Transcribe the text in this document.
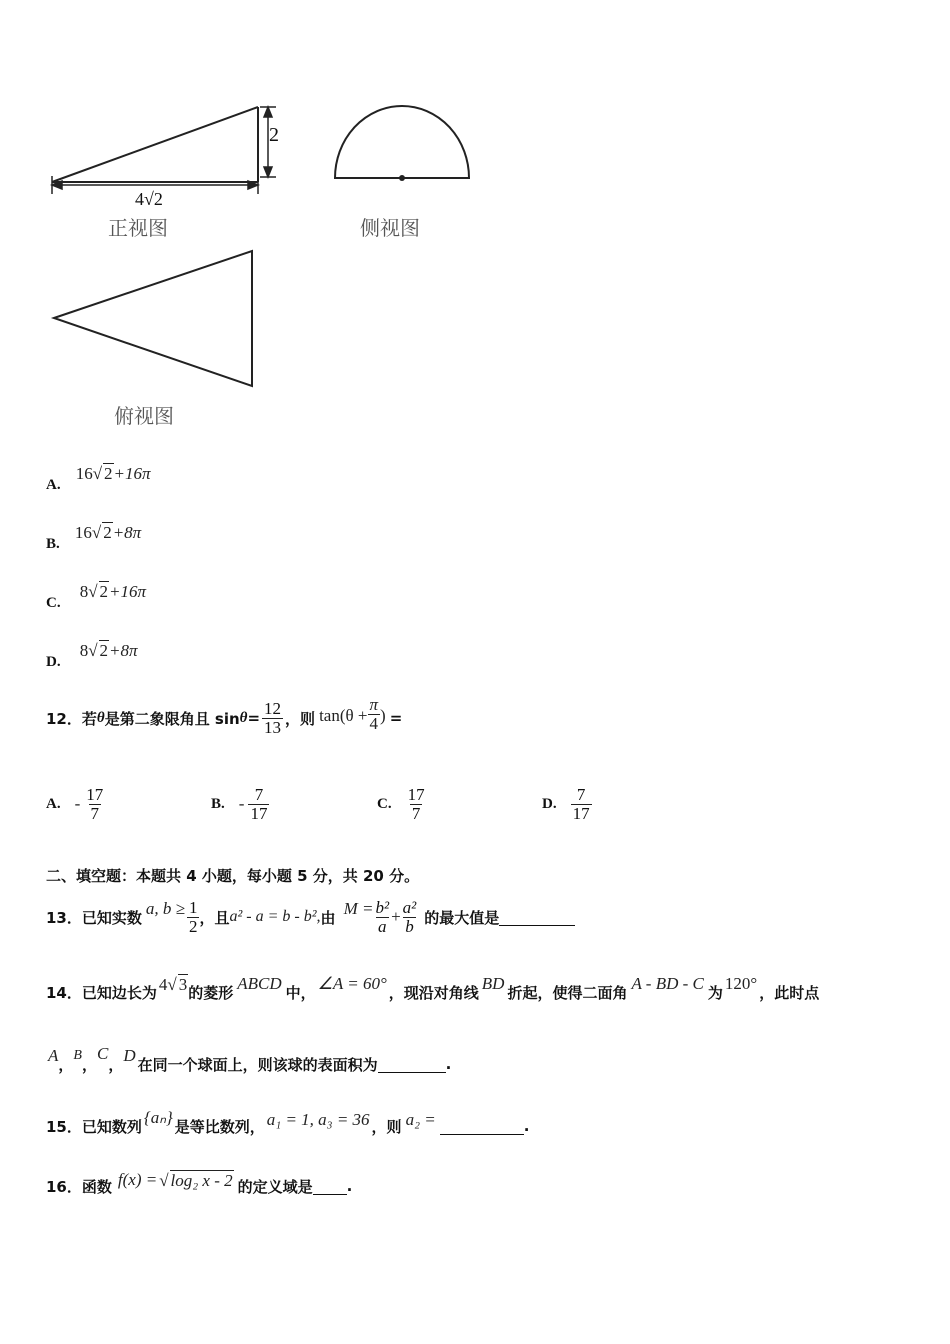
2
4√2
正视图	侧视图
俯视图
A. 16√ 2+16π
B. 16√ 2+8π
C. 8√ 2+16π
D. 8√ 2+8π
12． 若 θ 是第二象限角且 $\sin \theta = \frac{12}{13}$ ，则 $\tan(\theta + \frac{\pi}{4}$ ) =
A. - $\frac{17}{7}$	B. - $\frac{7}{17}$	C. $\frac{17}{7}$	D. $\frac{7}{17}$
二、填空题：本题共 4 小题，每小题 5 分，共 20 分。
13． 已知实数 a, $b \ge \frac{1}{2}$ ，且 a² - a = b - b², 由 $M = \frac{\text{b²}}{a} + \frac{\text{a²}}{b}$ 的最大值是
14． 已知边长为 4√ 3 的菱形 ABCD 中， ∠A = 60° ，现沿对角线 BD 折起，使得二面角 A - BD - C 为 120° ，此时点
A ， B ，
C
， D 在同一个球面上，则该球的表面积为	.
15． 已知数列 {aₙ} 是等比数列， a₁ = 1, a₃ = 36 ，则 a₂ =	.
16． 函数 f(x) = √ log₂ x - 2 的定义域是 .
